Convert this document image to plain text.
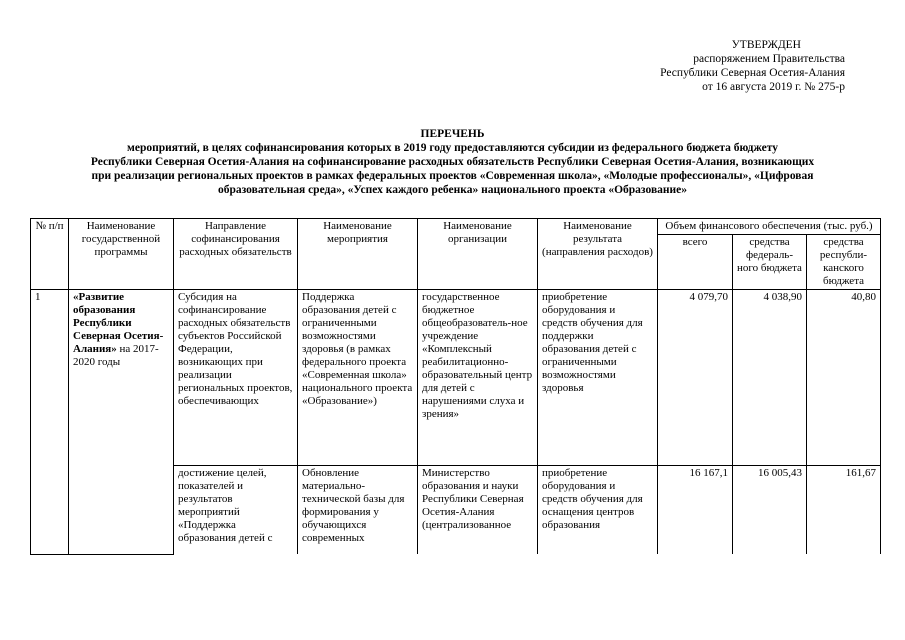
УТВЕРЖДЕН
распоряжением Правительства
Республики Северная Осетия-Алания
от 16 августа 2019 г. № 275-р
ПЕРЕЧЕНЬ
мероприятий, в целях софинансирования которых в 2019 году предоставляются субсидии из федерального бюджета бюджету
Республики Северная Осетия-Алания на софинансирование расходных обязательств Республики Северная Осетия-Алания, возникающих
при реализации региональных проектов в рамках федеральных проектов «Современная школа», «Молодые профессионалы», «Цифровая
образовательная среда», «Успех каждого ребенка» национального проекта «Образование»
№ п/п	Наименование государственной программы	Направление софинансирования расходных обязательств	Наименование мероприятия	Наименование организации	Наименование результата (направления расходов)	Объем финансового обеспечения (тыс. руб.)		
						всего	средства федераль-ного бюджета	средства республи-канского бюджета
1	«Развитие образования Республики Северная Осетия-Алания» на 2017-2020 годы	Субсидия на софинансирование расходных обязательств субъектов Российской Федерации, возникающих при реализации региональных проектов, обеспечивающих	Поддержка образования детей с ограниченными возможностями здоровья (в рамках федерального проекта «Современная школа» национального проекта «Образование»)	государственное бюджетное общеобразователь-ное учреждение «Комплексный реабилитационно-образовательный центр для детей с нарушениями слуха и зрения»	приобретение оборудования и средств обучения для поддержки образования детей с ограниченными возможностями здоровья	4 079,70	4 038,90	40,80
		достижение целей, показателей и результатов мероприятий «Поддержка образования детей с	Обновление материально-технической базы для формирования у обучающихся современных	Министерство образования и науки Республики Северная Осетия-Алания (централизованное	приобретение оборудования и средств обучения для оснащения центров образования	16 167,1	16 005,43	161,67
